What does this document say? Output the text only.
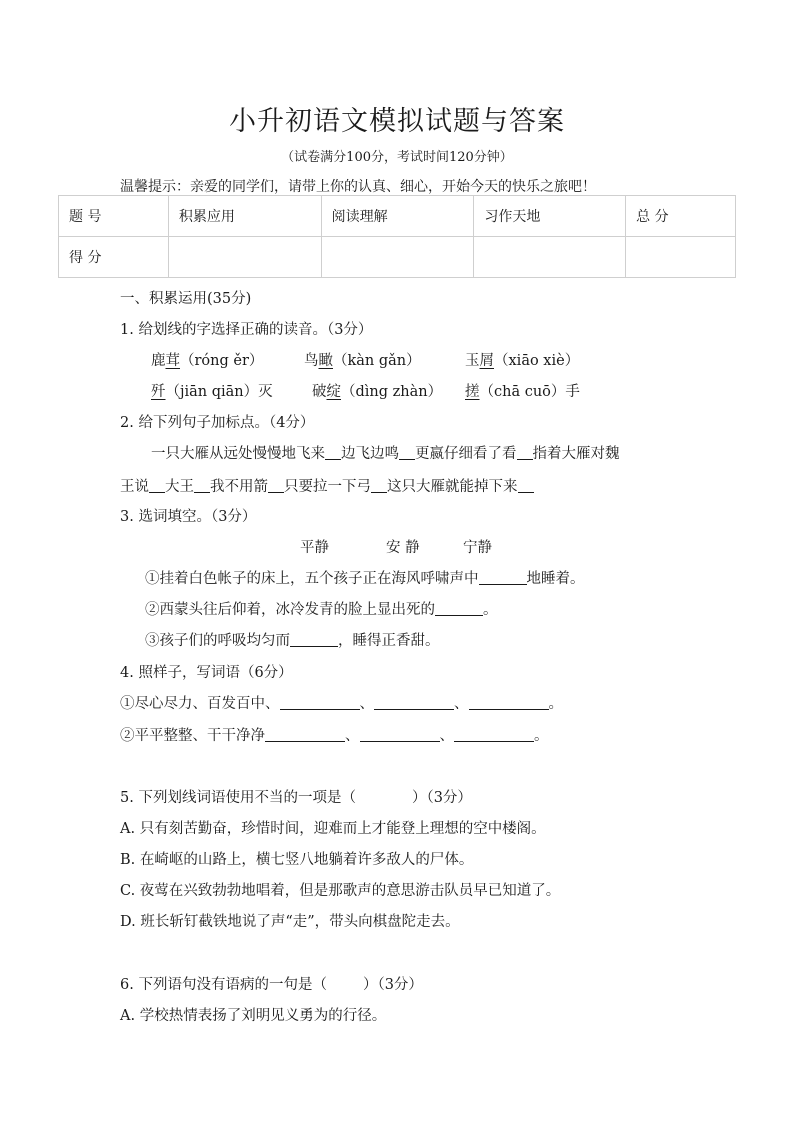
小升初语文模拟试题与答案
（试卷满分100分，考试时间120分钟）
温馨提示：亲爱的同学们，请带上你的认真、细心，开始今天的快乐之旅吧！
题 号	积累应用	阅读理解	习作天地	总 分
得 分				
一、积累运用(35分)
1. 给划线的字选择正确的读音。（3分）
鹿茸（róng ěr）	鸟瞰（kàn gǎn）	玉屑（xiāo xiè）
歼（jiān qiān）灭	破绽（dìng zhàn） 搓（chā cuō）手
2. 给下列句子加标点。（4分）
一只大雁从远处慢慢地飞来 边飞边鸣 更嬴仔细看了看 指着大雁对魏
王说 大王 我不用箭 只要拉一下弓 这只大雁就能掉下来
3. 选词填空。（3分）
平静	安 静	宁静
①挂着白色帐子的床上，五个孩子正在海风呼啸声中	地睡着。
②西蒙头往后仰着，冰冷发青的脸上显出死的	。
③孩子们的呼吸均匀而	，睡得正香甜。
4. 照样子，写词语（6分）
①尽心尽力、百发百中、	、	、	。
②平平整整、干干净净	、	、	。
5. 下列划线词语使用不当的一项是（	）（3分）
A. 只有刻苦勤奋，珍惜时间，迎难而上才能登上理想的空中楼阁。
B. 在崎岖的山路上，横七竖八地躺着许多敌人的尸体。
C. 夜莺在兴致勃勃地唱着，但是那歌声的意思游击队员早已知道了。
D. 班长斩钉截铁地说了声“走”，带头向棋盘陀走去。
6. 下列语句没有语病的一句是（ ）（3分）
A. 学校热情表扬了刘明见义勇为的行径。
